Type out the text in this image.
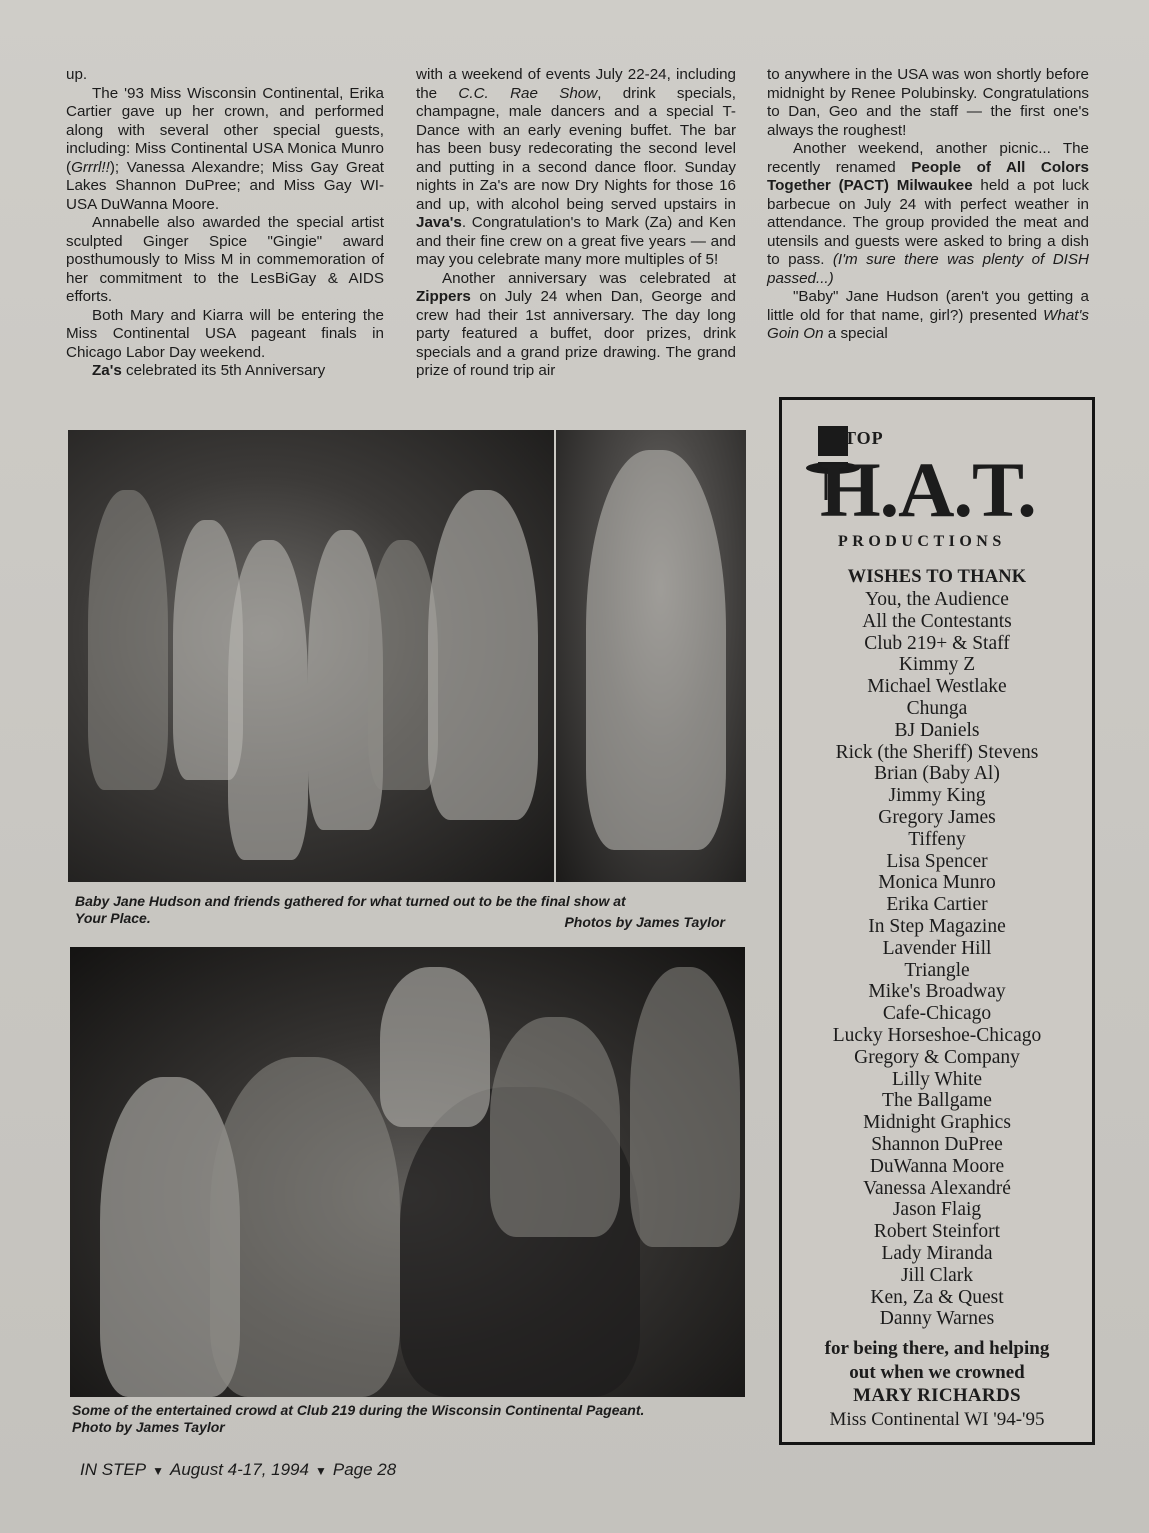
up.

The '93 Miss Wisconsin Continental, Erika Cartier gave up her crown, and performed along with several other special guests, including: Miss Continental USA Monica Munro (Grrrl!!); Vanessa Alexandre; Miss Gay Great Lakes Shannon DuPree; and Miss Gay WI-USA DuWanna Moore.

Annabelle also awarded the special artist sculpted Ginger Spice "Gingie" award posthumously to Miss M in commemoration of her commitment to the LesBiGay & AIDS efforts.

Both Mary and Kiarra will be entering the Miss Continental USA pageant finals in Chicago Labor Day weekend.

Za's celebrated its 5th Anniversary

with a weekend of events July 22-24, including the C.C. Rae Show, drink specials, champagne, male dancers and a special T-Dance with an early evening buffet. The bar has been busy redecorating the second level and putting in a second dance floor. Sunday nights in Za's are now Dry Nights for those 16 and up, with alcohol being served upstairs in Java's. Congratulation's to Mark (Za) and Ken and their fine crew on a great five years — and may you celebrate many more multiples of 5!

Another anniversary was celebrated at Zippers on July 24 when Dan, George and crew had their 1st anniversary. The day long party featured a buffet, door prizes, drink specials and a grand prize drawing. The grand prize of round trip air

to anywhere in the USA was won shortly before midnight by Renee Polubinsky. Congratulations to Dan, Geo and the staff — the first one's always the roughest!

Another weekend, another picnic... The recently renamed People of All Colors Together (PACT) Milwaukee held a pot luck barbecue on July 24 with perfect weather in attendance. The group provided the meat and utensils and guests were asked to bring a dish to pass. (I'm sure there was plenty of DISH passed...)

"Baby" Jane Hudson (aren't you getting a little old for that name, girl?) presented What's Goin On a special

Baby Jane Hudson and friends gathered for what turned out to be the final show at Your Place.	Photos by James Taylor
Some of the entertained crowd at Club 219 during the Wisconsin Continental Pageant.
Photo by James Taylor
IN STEP ▼ August 4-17, 1994 ▼ Page 28
TOP
H.A.T.
PRODUCTIONS
WISHES TO THANK
You, the Audience
All the Contestants
Club 219+ & Staff
Kimmy Z
Michael Westlake
Chunga
BJ Daniels
Rick (the Sheriff) Stevens
Brian (Baby Al)
Jimmy King
Gregory James
Tiffeny
Lisa Spencer
Monica Munro
Erika Cartier
In Step Magazine
Lavender Hill
Triangle
Mike's Broadway
Cafe-Chicago
Lucky Horseshoe-Chicago
Gregory & Company
Lilly White
The Ballgame
Midnight Graphics
Shannon DuPree
DuWanna Moore
Vanessa Alexandré
Jason Flaig
Robert Steinfort
Lady Miranda
Jill Clark
Ken, Za & Quest
Danny Warnes
for being there, and helping
out when we crowned
MARY RICHARDS
Miss Continental WI '94-'95
